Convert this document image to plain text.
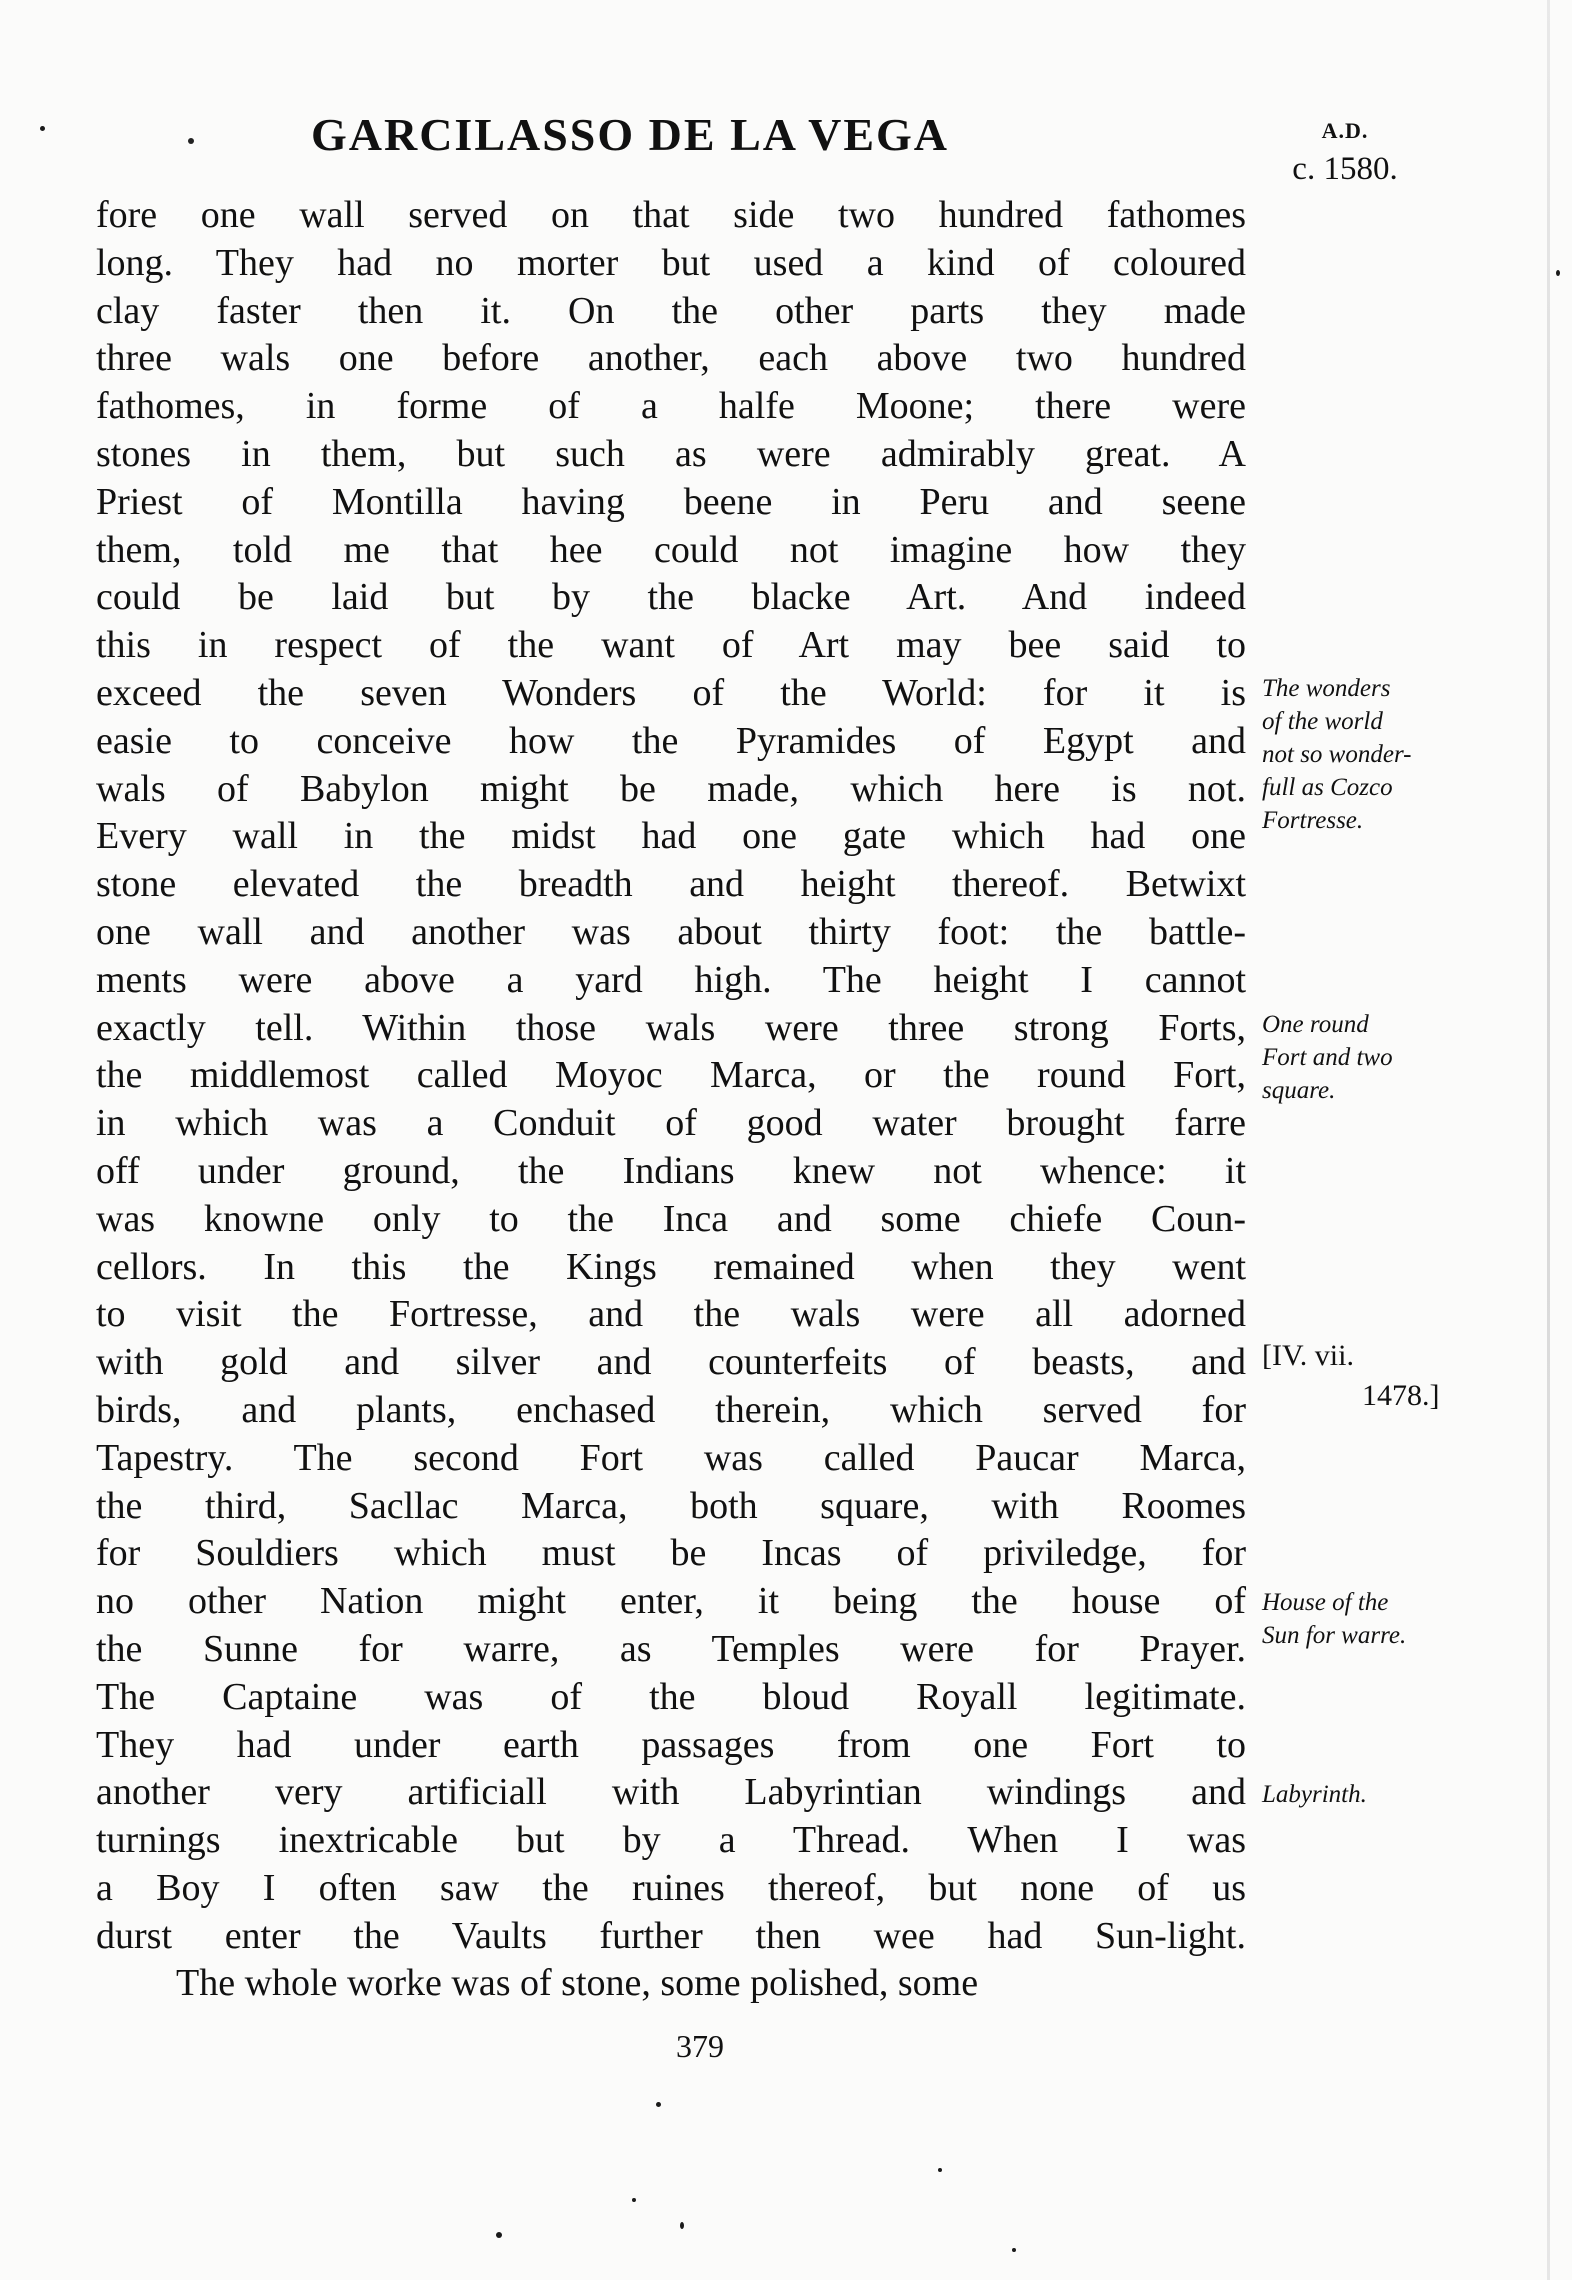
GARCILASSO DE LA VEGA	A.D.
c. 1580.
fore one wall served on that side two hundred fathomes
long. They had no morter but used a kind of coloured
clay faster then it. On the other parts they made
three wals one before another, each above two hundred
fathomes, in forme of a halfe Moone; there were
stones in them, but such as were admirably great. A
Priest of Montilla having beene in Peru and seene
them, told me that hee could not imagine how they
could be laid but by the blacke Art. And indeed
this in respect of the want of Art may bee said to
exceed the seven Wonders of the World: for it is
easie to conceive how the Pyramides of Egypt and
wals of Babylon might be made, which here is not.
Every wall in the midst had one gate which had one
stone elevated the breadth and height thereof. Betwixt
one wall and another was about thirty foot: the battle-
ments were above a yard high. The height I cannot
exactly tell. Within those wals were three strong Forts,
the middlemost called Moyoc Marca, or the round Fort,
in which was a Conduit of good water brought farre
off under ground, the Indians knew not whence: it
was knowne only to the Inca and some chiefe Coun-
cellors. In this the Kings remained when they went
to visit the Fortresse, and the wals were all adorned
with gold and silver and counterfeits of beasts, and
birds, and plants, enchased therein, which served for
Tapestry. The second Fort was called Paucar Marca,
the third, Sacllac Marca, both square, with Roomes
for Souldiers which must be Incas of priviledge, for
no other Nation might enter, it being the house of
the Sunne for warre, as Temples were for Prayer.
The Captaine was of the bloud Royall legitimate.
They had under earth passages from one Fort to
another very artificiall with Labyrintian windings and
turnings inextricable but by a Thread. When I was
a Boy I often saw the ruines thereof, but none of us
durst enter the Vaults further then wee had Sun-light.
The whole worke was of stone, some polished, some
The wonders
of the world
not so wonder-
full as Cozco
Fortresse.
One round
Fort and two
square.
[IV. vii.
1478.]
House of the
Sun for warre.
Labyrinth.
379
